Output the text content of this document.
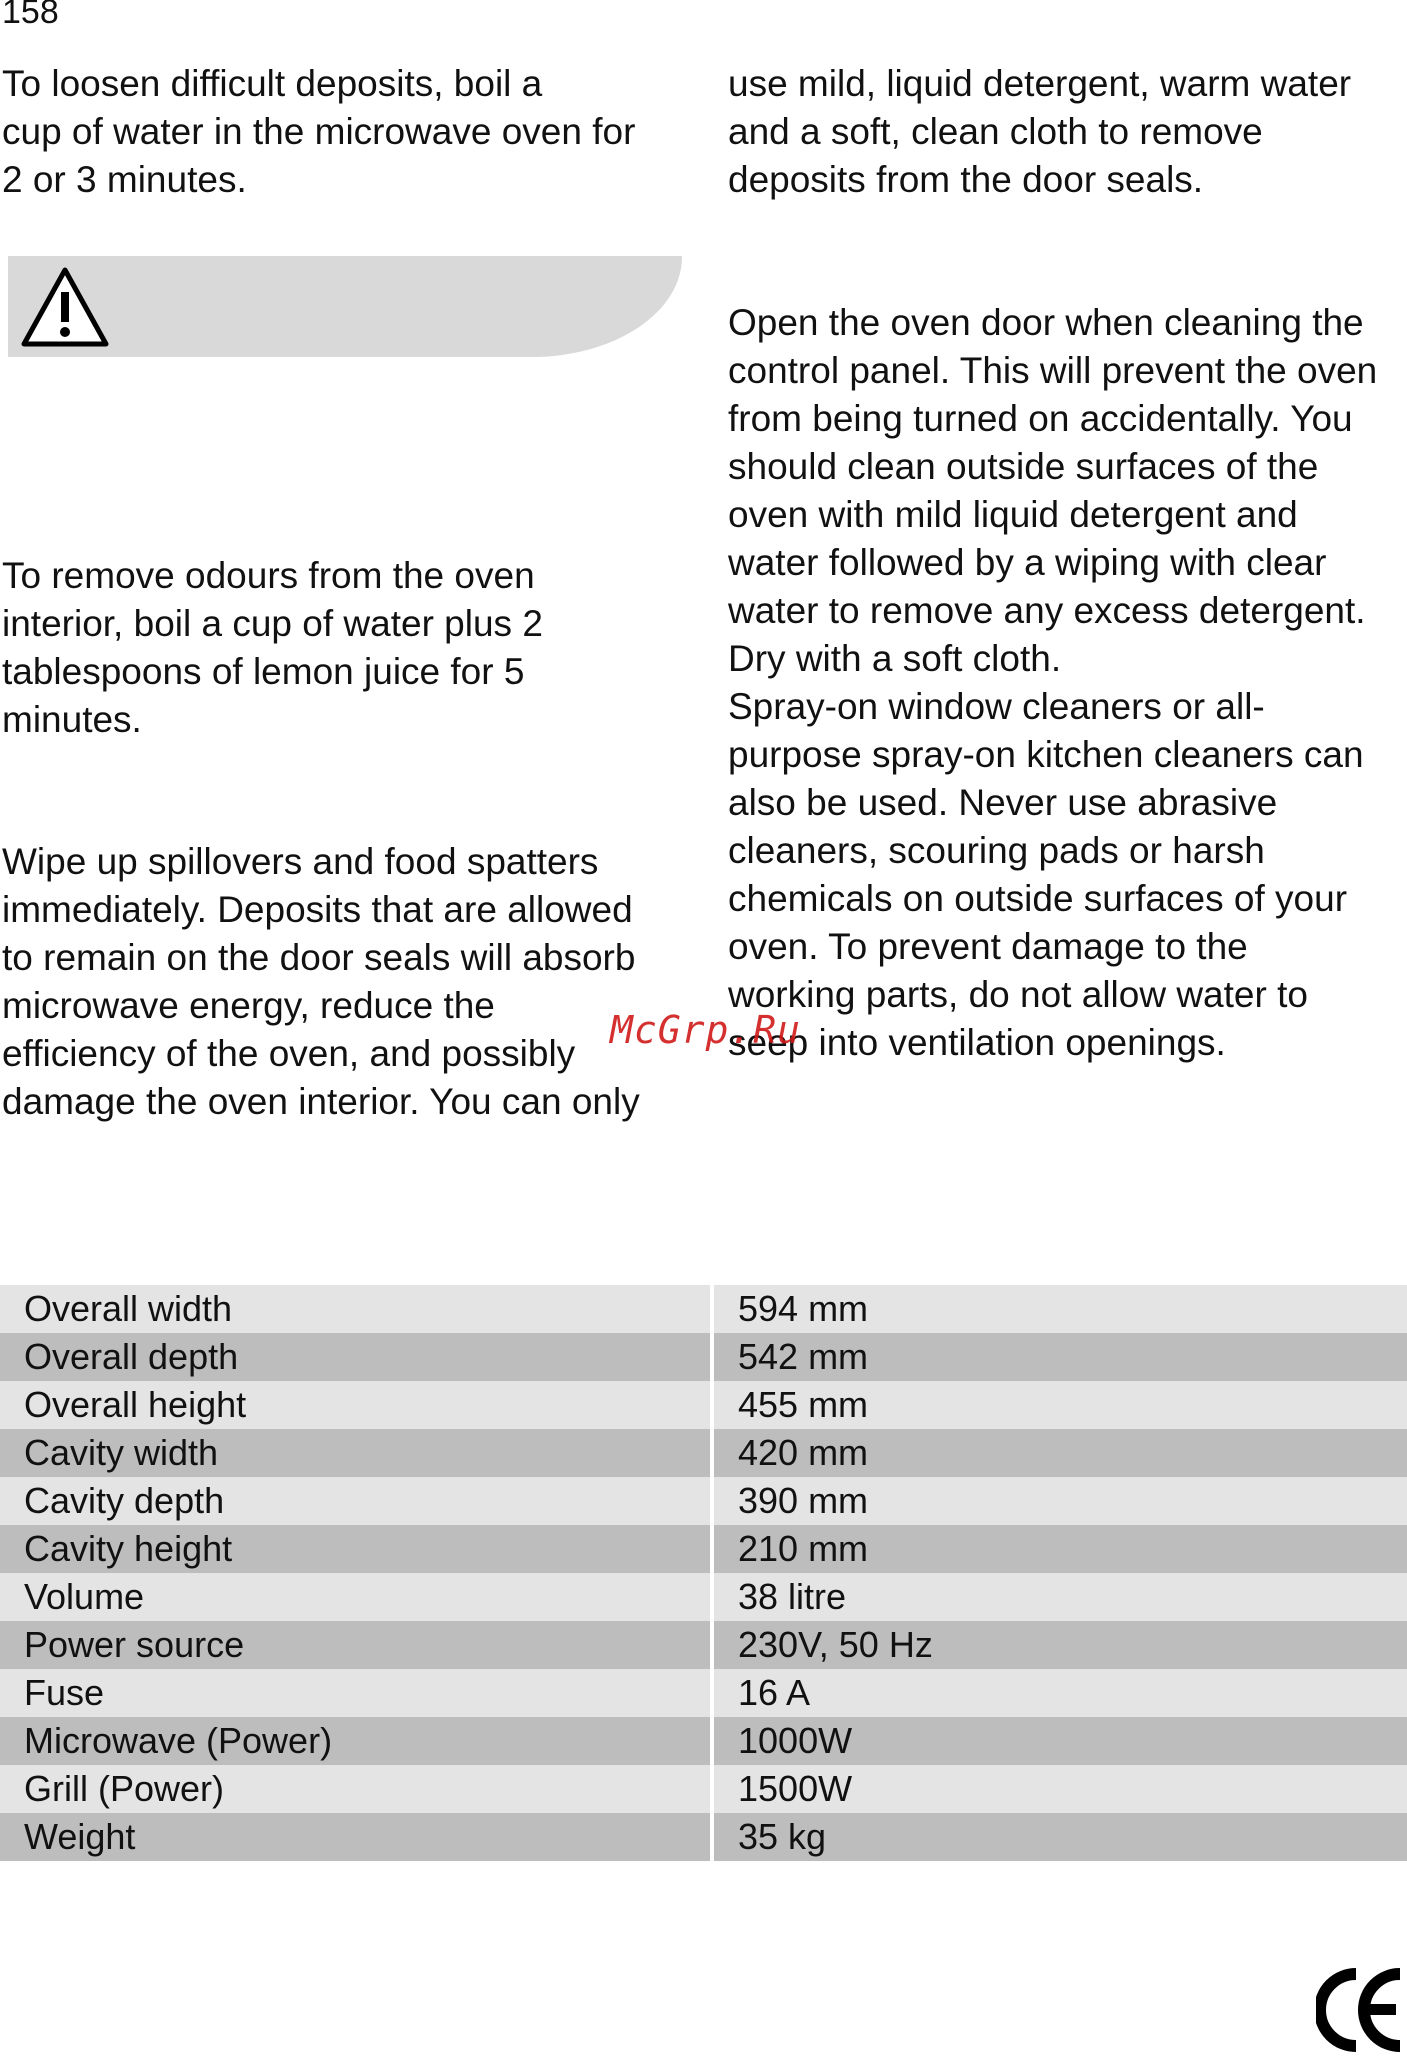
158

To loosen difficult deposits, boil a
cup of water in the microwave oven for
2 or 3 minutes.

To remove odours from the oven
interior, boil a cup of water plus 2
tablespoons of lemon juice for 5
minutes.

Wipe up spillovers and food spatters
immediately. Deposits that are allowed
to remain on the door seals will absorb
microwave energy, reduce the
efficiency of the oven, and possibly
damage the oven interior. You can only

use mild, liquid detergent, warm water
and a soft, clean cloth to remove
deposits from the door seals.

Open the oven door when cleaning the
control panel. This will prevent the oven
from being turned on accidentally. You
should clean outside surfaces of the
oven with mild liquid detergent and
water followed by a wiping with clear
water to remove any excess detergent.
Dry with a soft cloth.
Spray-on window cleaners or all-
purpose spray-on kitchen cleaners can
also be used. Never use abrasive
cleaners, scouring pads or harsh
chemicals on outside surfaces of your
oven. To prevent damage to the
working parts, do not allow water to
seep into ventilation openings.

McGrp.Ru
Overall width	594 mm
Overall depth	542 mm
Overall height	455 mm
Cavity width	420 mm
Cavity depth	390 mm
Cavity height	210 mm
Volume	38 litre
Power source	230V, 50 Hz
Fuse	16 A
Microwave (Power)	1000W
Grill (Power)	1500W
Weight	35 kg
